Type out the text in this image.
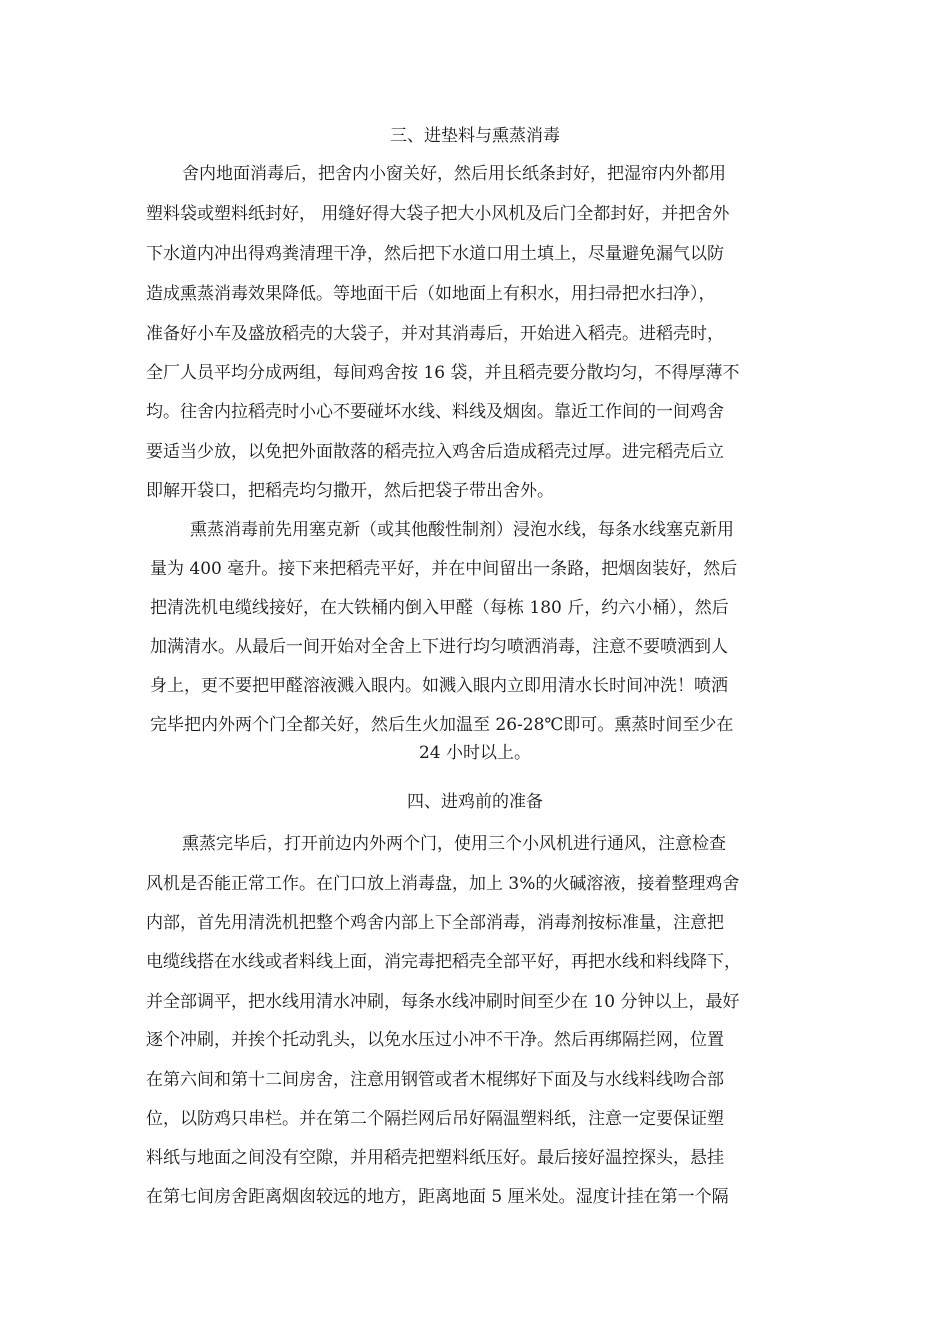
三、进垫料与熏蒸消毒
舍内地面消毒后，把舍内小窗关好，然后用长纸条封好，把湿帘内外都用
塑料袋或塑料纸封好， 用缝好得大袋子把大小风机及后门全都封好，并把舍外
下水道内冲出得鸡粪清理干净，然后把下水道口用土填上，尽量避免漏气以防
造成熏蒸消毒效果降低。等地面干后（如地面上有积水，用扫帚把水扫净），
准备好小车及盛放稻壳的大袋子，并对其消毒后，开始进入稻壳。进稻壳时，
全厂人员平均分成两组，每间鸡舍按 16 袋，并且稻壳要分散均匀，不得厚薄不
均。往舍内拉稻壳时小心不要碰坏水线、料线及烟囱。靠近工作间的一间鸡舍
要适当少放，以免把外面散落的稻壳拉入鸡舍后造成稻壳过厚。进完稻壳后立
即解开袋口，把稻壳均匀撒开，然后把袋子带出舍外。
熏蒸消毒前先用塞克新（或其他酸性制剂）浸泡水线，每条水线塞克新用
量为 400 毫升。接下来把稻壳平好，并在中间留出一条路，把烟囱装好，然后
把清洗机电缆线接好，在大铁桶内倒入甲醛（每栋 180 斤，约六小桶），然后
加满清水。从最后一间开始对全舍上下进行均匀喷洒消毒，注意不要喷洒到人
身上，更不要把甲醛溶液溅入眼内。如溅入眼内立即用清水长时间冲洗！喷洒
完毕把内外两个门全都关好，然后生火加温至 26-28℃即可。熏蒸时间至少在
24 小时以上。
四、进鸡前的准备
熏蒸完毕后，打开前边内外两个门，使用三个小风机进行通风，注意检查
风机是否能正常工作。在门口放上消毒盘，加上 3%的火碱溶液，接着整理鸡舍
内部，首先用清洗机把整个鸡舍内部上下全部消毒，消毒剂按标准量，注意把
电缆线搭在水线或者料线上面，消完毒把稻壳全部平好，再把水线和料线降下，
并全部调平，把水线用清水冲刷，每条水线冲刷时间至少在 10 分钟以上，最好
逐个冲刷，并挨个托动乳头，以免水压过小冲不干净。然后再绑隔拦网，位置
在第六间和第十二间房舍，注意用钢管或者木棍绑好下面及与水线料线吻合部
位，以防鸡只串栏。并在第二个隔拦网后吊好隔温塑料纸，注意一定要保证塑
料纸与地面之间没有空隙，并用稻壳把塑料纸压好。最后接好温控探头，悬挂
在第七间房舍距离烟囱较远的地方，距离地面 5 厘米处。湿度计挂在第一个隔
